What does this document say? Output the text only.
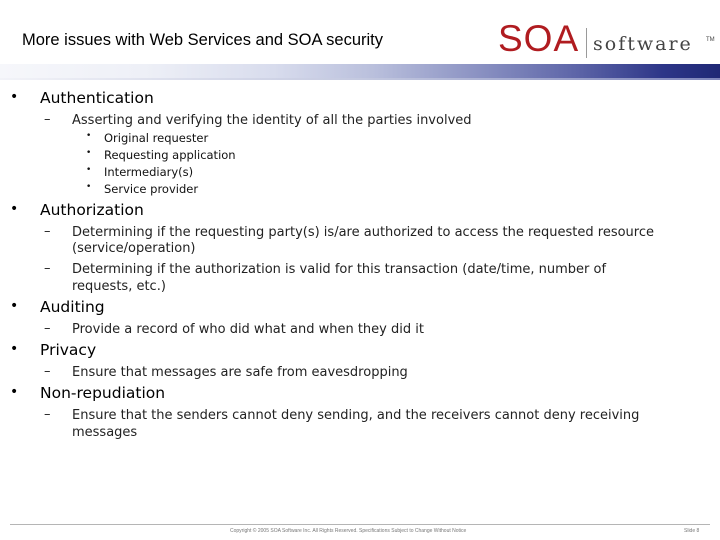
More issues with Web Services and SOA security	SOA software TM
• Authentication
– Asserting and verifying the identity of all the parties involved
• Original requester
• Requesting application
• Intermediary(s)
• Service provider
• Authorization
– Determining if the requesting party(s) is/are authorized to access the requested resource
(service/operation)
– Determining if the authorization is valid for this transaction (date/time, number of
requests, etc.)
• Auditing
– Provide a record of who did what and when they did it
• Privacy
– Ensure that messages are safe from eavesdropping
• Non-repudiation
– Ensure that the senders cannot deny sending, and the receivers cannot deny receiving
messages
Copyright © 2005 SOA Software Inc. All Rights Reserved. Specifications Subject to Change Without Notice	Slide 8
